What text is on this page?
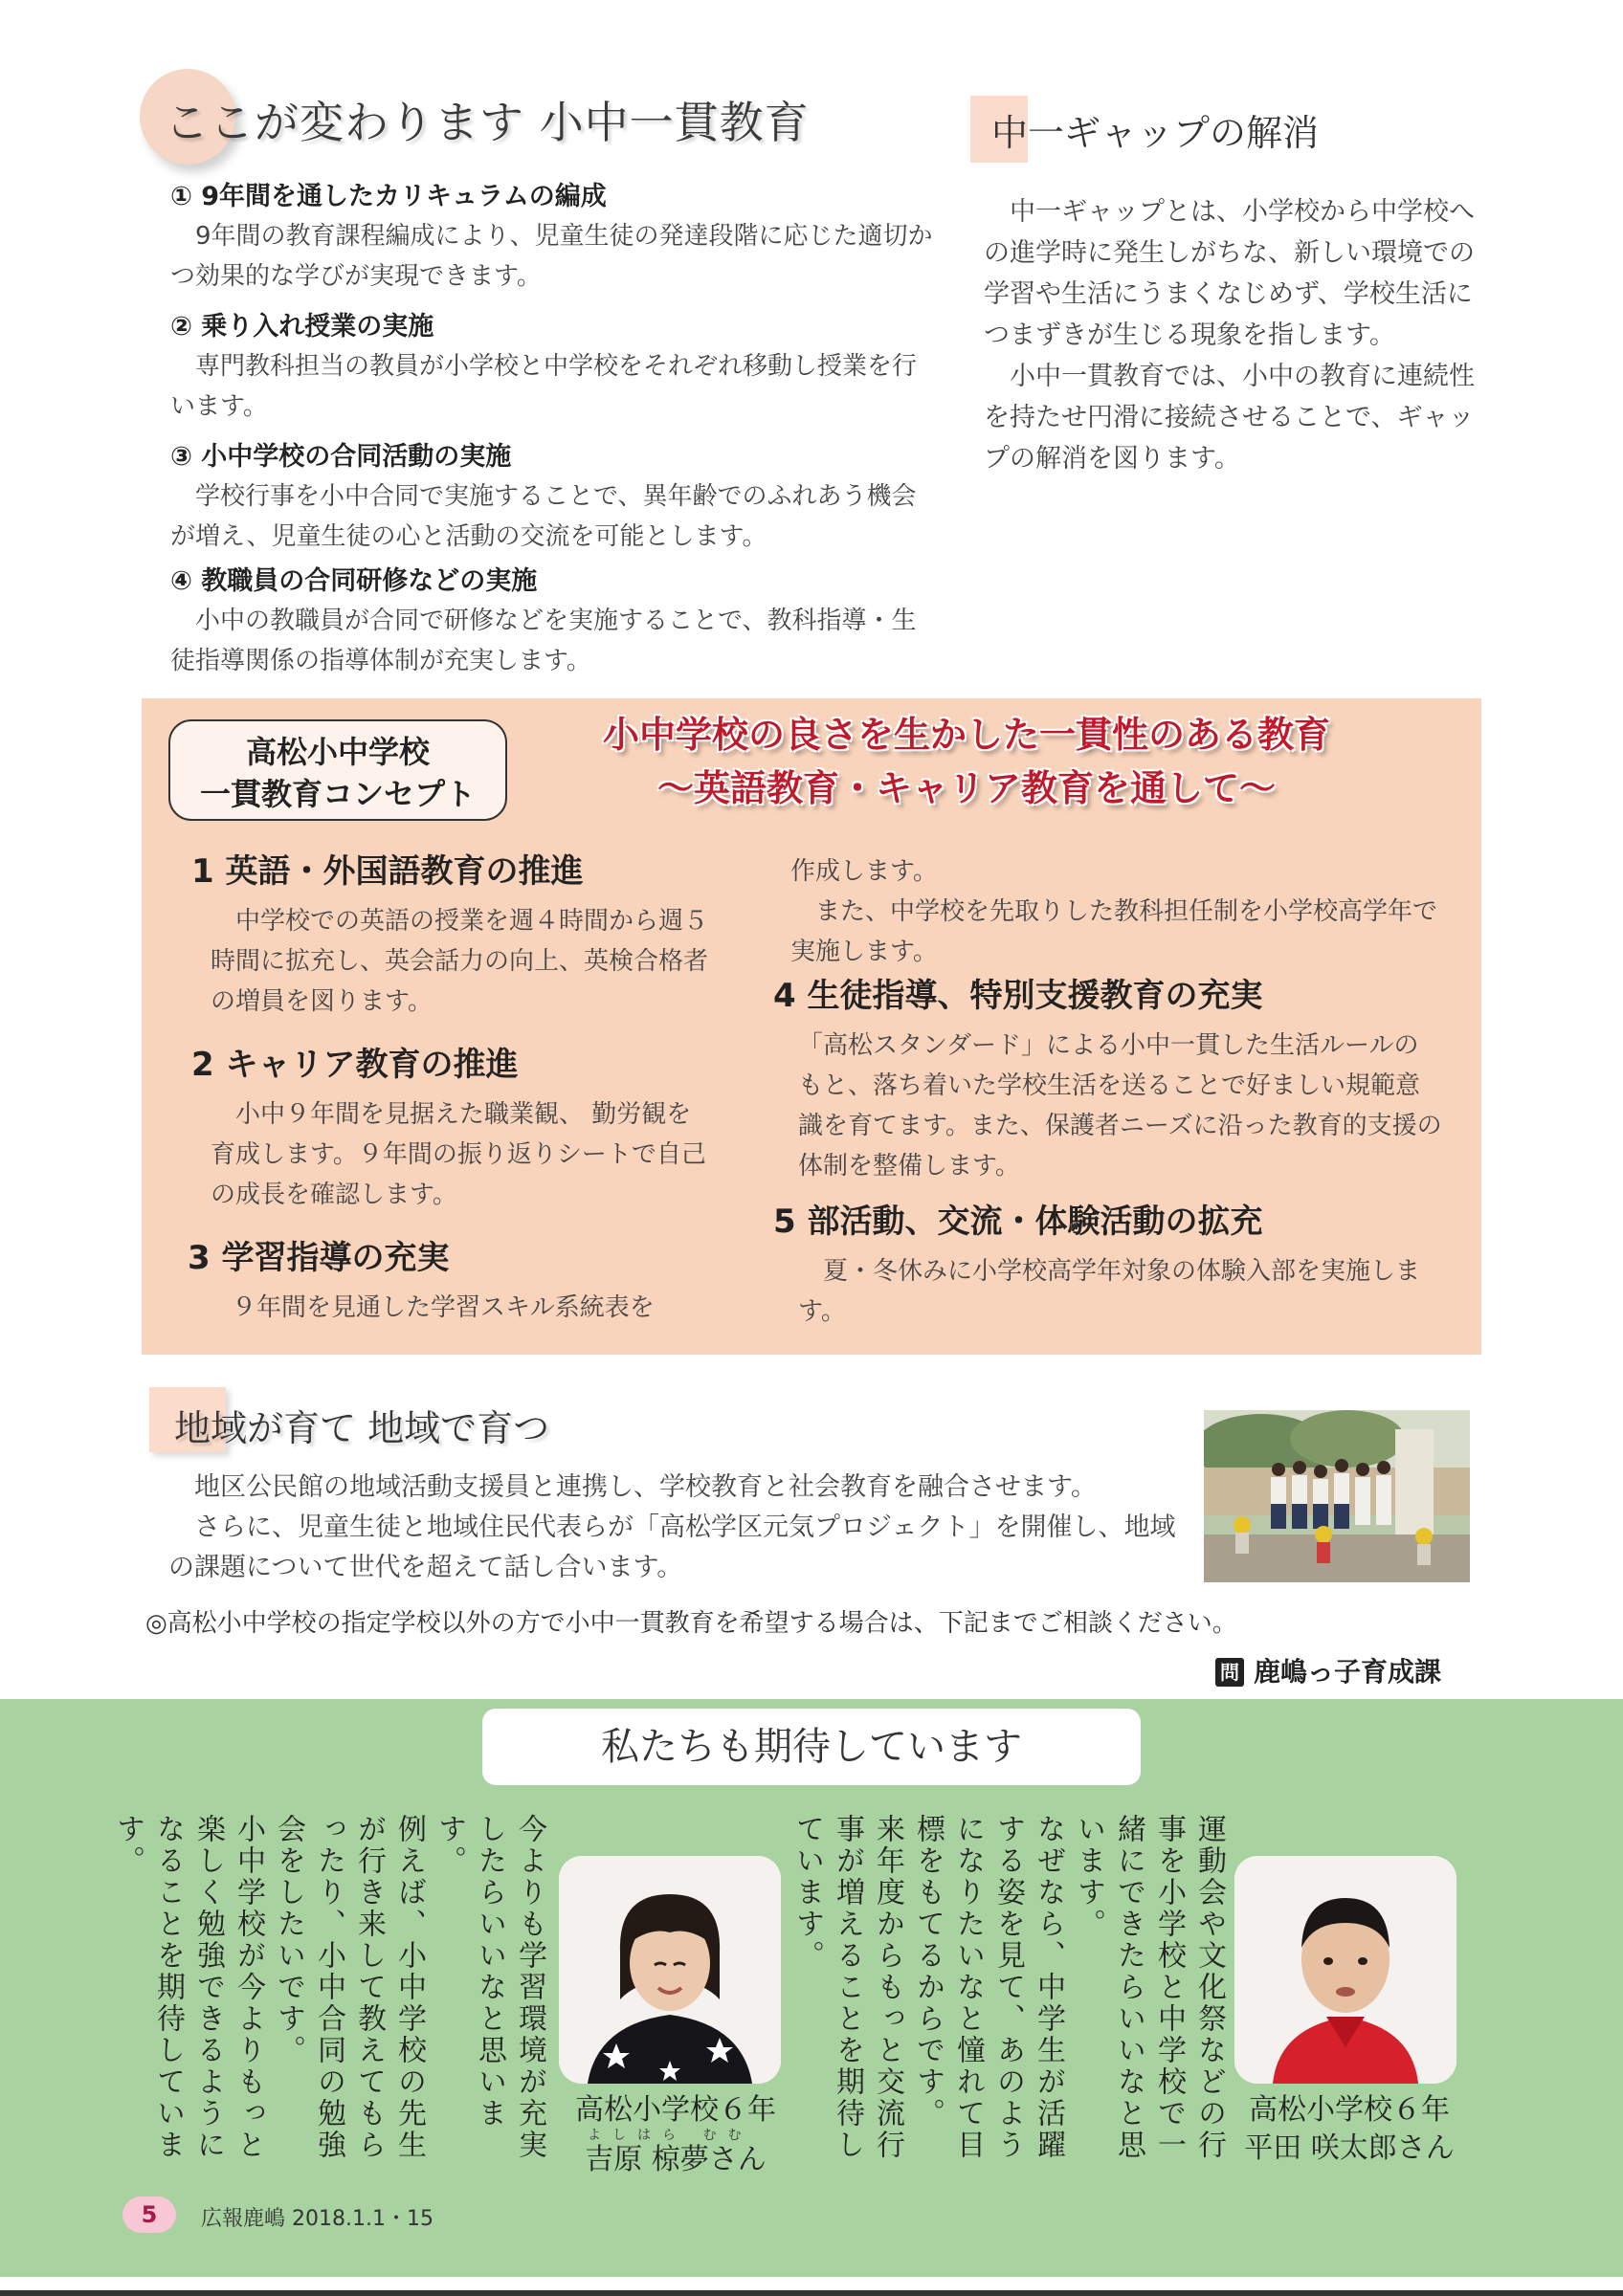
ここが変わります 小中一貫教育
① 9年間を通したカリキュラムの編成

　9年間の教育課程編成により、児童生徒の発達段階に応じた適切かつ効果的な学びが実現できます。

② 乗り入れ授業の実施

　専門教科担当の教員が小学校と中学校をそれぞれ移動し授業を行います。

③ 小中学校の合同活動の実施

　学校行事を小中合同で実施することで、異年齢でのふれあう機会が増え、児童生徒の心と活動の交流を可能とします。

④ 教職員の合同研修などの実施

　小中の教職員が合同で研修などを実施することで、教科指導・生徒指導関係の指導体制が充実します。

中一ギャップの解消

　中一ギャップとは、小学校から中学校への進学時に発生しがちな、新しい環境での学習や生活にうまくなじめず、学校生活につまずきが生じる現象を指します。

　小中一貫教育では、小中の教育に連続性を持たせ円滑に接続させることで、ギャップの解消を図ります。

高松小中学校
一貫教育コンセプト
小中学校の良さを生かした一貫性のある教育
～英語教育・キャリア教育を通して～
1 英語・外国語教育の推進

　中学校での英語の授業を週４時間から週５時間に拡充し、英会話力の向上、英検合格者の増員を図ります。

2 キャリア教育の推進

　小中９年間を見据えた職業観、 勤労観を育成します。９年間の振り返りシートで自己の成長を確認します。

3 学習指導の充実

　９年間を見通した学習スキル系統表を

作成します。

　また、中学校を先取りした教科担任制を小学校高学年で実施します。

4 生徒指導、特別支援教育の充実

「高松スタンダード」による小中一貫した生活ルールのもと、落ち着いた学校生活を送ることで好ましい規範意識を育てます。また、保護者ニーズに沿った教育的支援の体制を整備します。

5 部活動、交流・体験活動の拡充

　夏・冬休みに小学校高学年対象の体験入部を実施します。

地域が育て 地域で育つ

　地区公民館の地域活動支援員と連携し、学校教育と社会教育を融合させます。

　さらに、児童生徒と地域住民代表らが「高松学区元気プロジェクト」を開催し、地域の課題について世代を超えて話し合います。

◎高松小中学校の指定学校以外の方で小中一貫教育を希望する場合は、下記までご相談ください。
問 鹿嶋っ子育成課
私たちも期待しています
高松小学校６年
平田 咲太郎さん

運動会や文化祭などの行事を小学校と中学校で一緒にできたらいいなと思います。

なぜなら、中学生が活躍する姿を見て、あのようになりたいなと憧れて目標をもてるからです。

来年度からもっと交流行事が増えることを期待しています。

高松小学校６年
よしはら むむ
吉原 椋夢さん

今よりも学習環境が充実したらいいなと思います。

例えば、小中学校の先生が行き来して教えてもらったり、小中合同の勉強会をしたいです。

小中学校が今よりもっと楽しく勉強できるようになることを期待しています。

5	広報鹿嶋 2018.1.1・15
